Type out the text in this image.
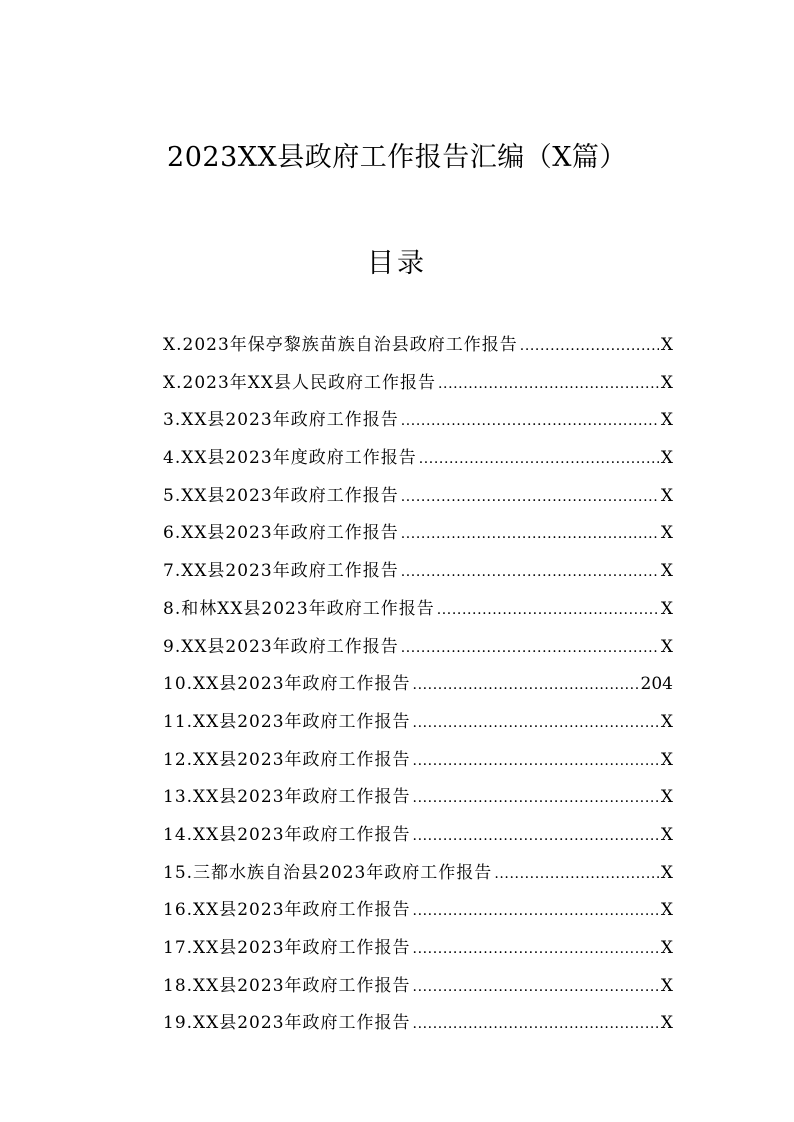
2023XX县政府工作报告汇编（X篇）
目录
X.2023年保亭黎族苗族自治县政府工作报告 .....	X
X.2023年XX县人民政府工作报告 .....	X
3.XX县2023年政府工作报告 .....	X
4.XX县2023年度政府工作报告 .....	X
5.XX县2023年政府工作报告 .....	X
6.XX县2023年政府工作报告 .....	X
7.XX县2023年政府工作报告 .....	X
8.和林XX县2023年政府工作报告 .....	X
9.XX县2023年政府工作报告 .....	X
10.XX县2023年政府工作报告 .....	204
11.XX县2023年政府工作报告 .....	X
12.XX县2023年政府工作报告 .....	X
13.XX县2023年政府工作报告 .....	X
14.XX县2023年政府工作报告 .....	X
15.三都水族自治县2023年政府工作报告 .....	X
16.XX县2023年政府工作报告 .....	X
17.XX县2023年政府工作报告 .....	X
18.XX县2023年政府工作报告 .....	X
19.XX县2023年政府工作报告 .....	X
